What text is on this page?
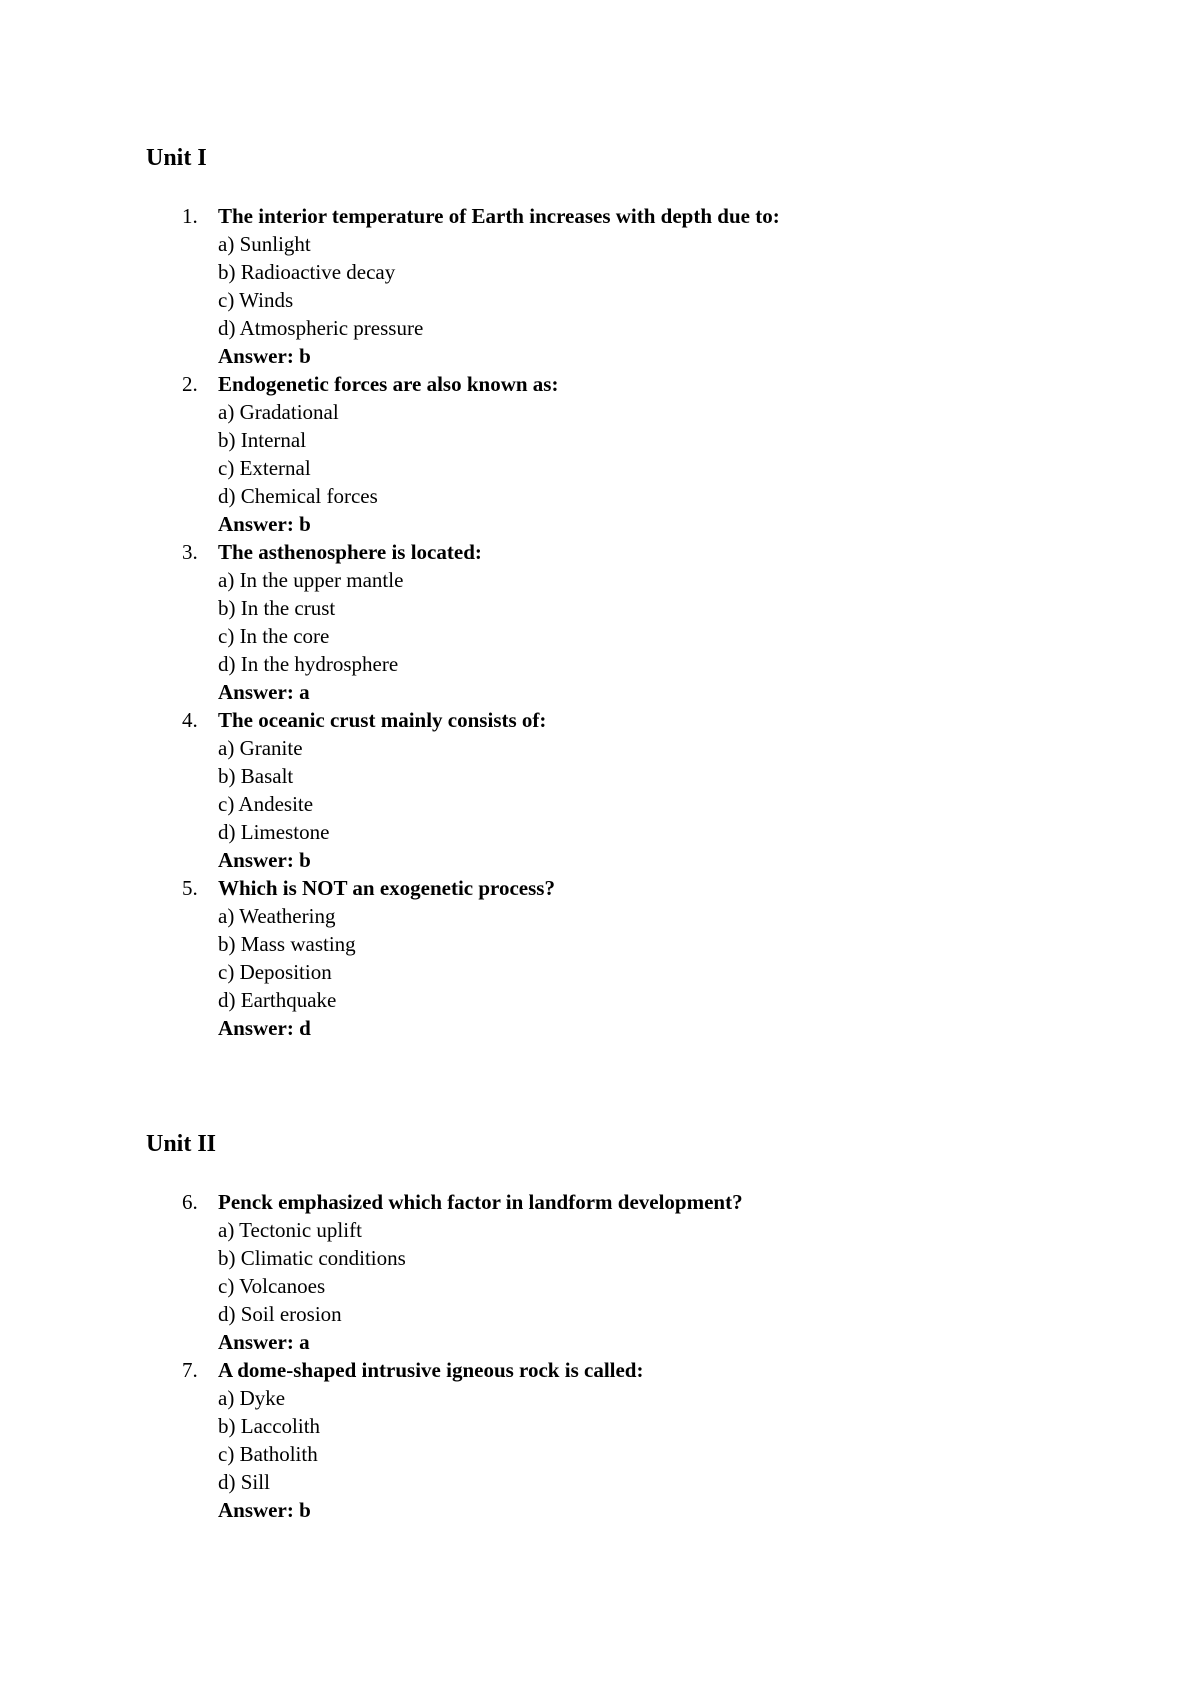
Unit I
1. The interior temperature of Earth increases with depth due to:
a) Sunlight
b) Radioactive decay
c) Winds
d) Atmospheric pressure
Answer: b
2. Endogenetic forces are also known as:
a) Gradational
b) Internal
c) External
d) Chemical forces
Answer: b
3. The asthenosphere is located:
a) In the upper mantle
b) In the crust
c) In the core
d) In the hydrosphere
Answer: a
4. The oceanic crust mainly consists of:
a) Granite
b) Basalt
c) Andesite
d) Limestone
Answer: b
5. Which is NOT an exogenetic process?
a) Weathering
b) Mass wasting
c) Deposition
d) Earthquake
Answer: d
Unit II
6. Penck emphasized which factor in landform development?
a) Tectonic uplift
b) Climatic conditions
c) Volcanoes
d) Soil erosion
Answer: a
7. A dome-shaped intrusive igneous rock is called:
a) Dyke
b) Laccolith
c) Batholith
d) Sill
Answer: b
